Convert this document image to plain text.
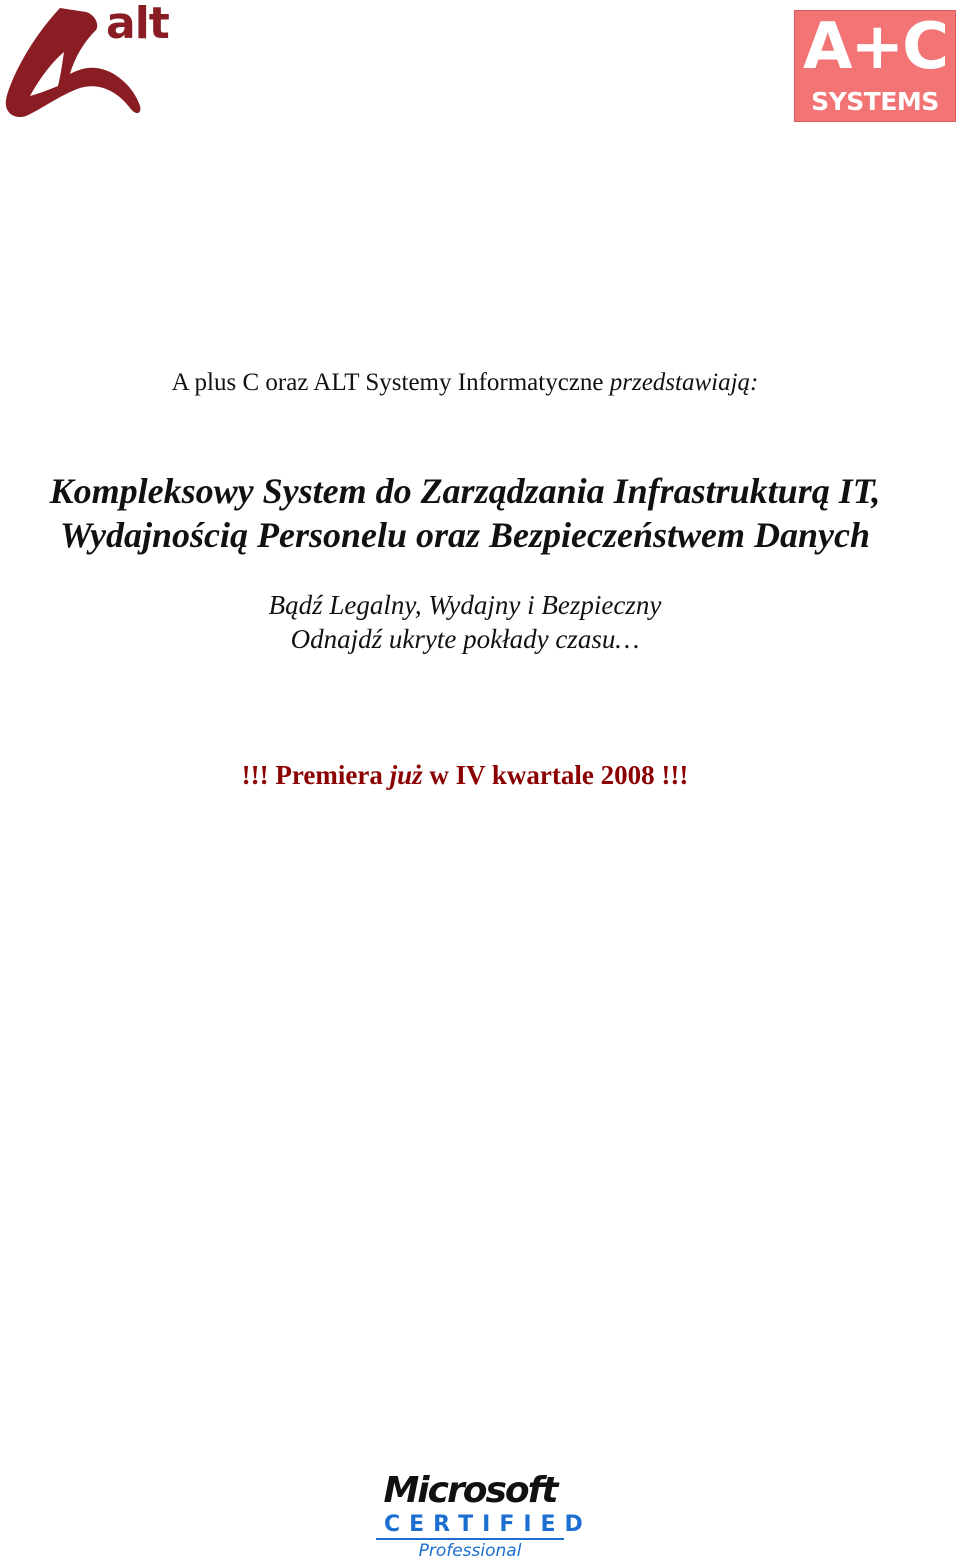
alt	A+C
SYSTEMS
A plus C oraz ALT Systemy Informatyczne przedstawiają:
Kompleksowy System do Zarządzania Infrastrukturą IT,
Wydajnością Personelu oraz Bezpieczeństwem Danych
Bądź Legalny, Wydajny i Bezpieczny
Odnajdź ukryte pokłady czasu…
!!! Premiera już w IV kwartale 2008 !!!
Microsoft
CERTIFIED
Professional
